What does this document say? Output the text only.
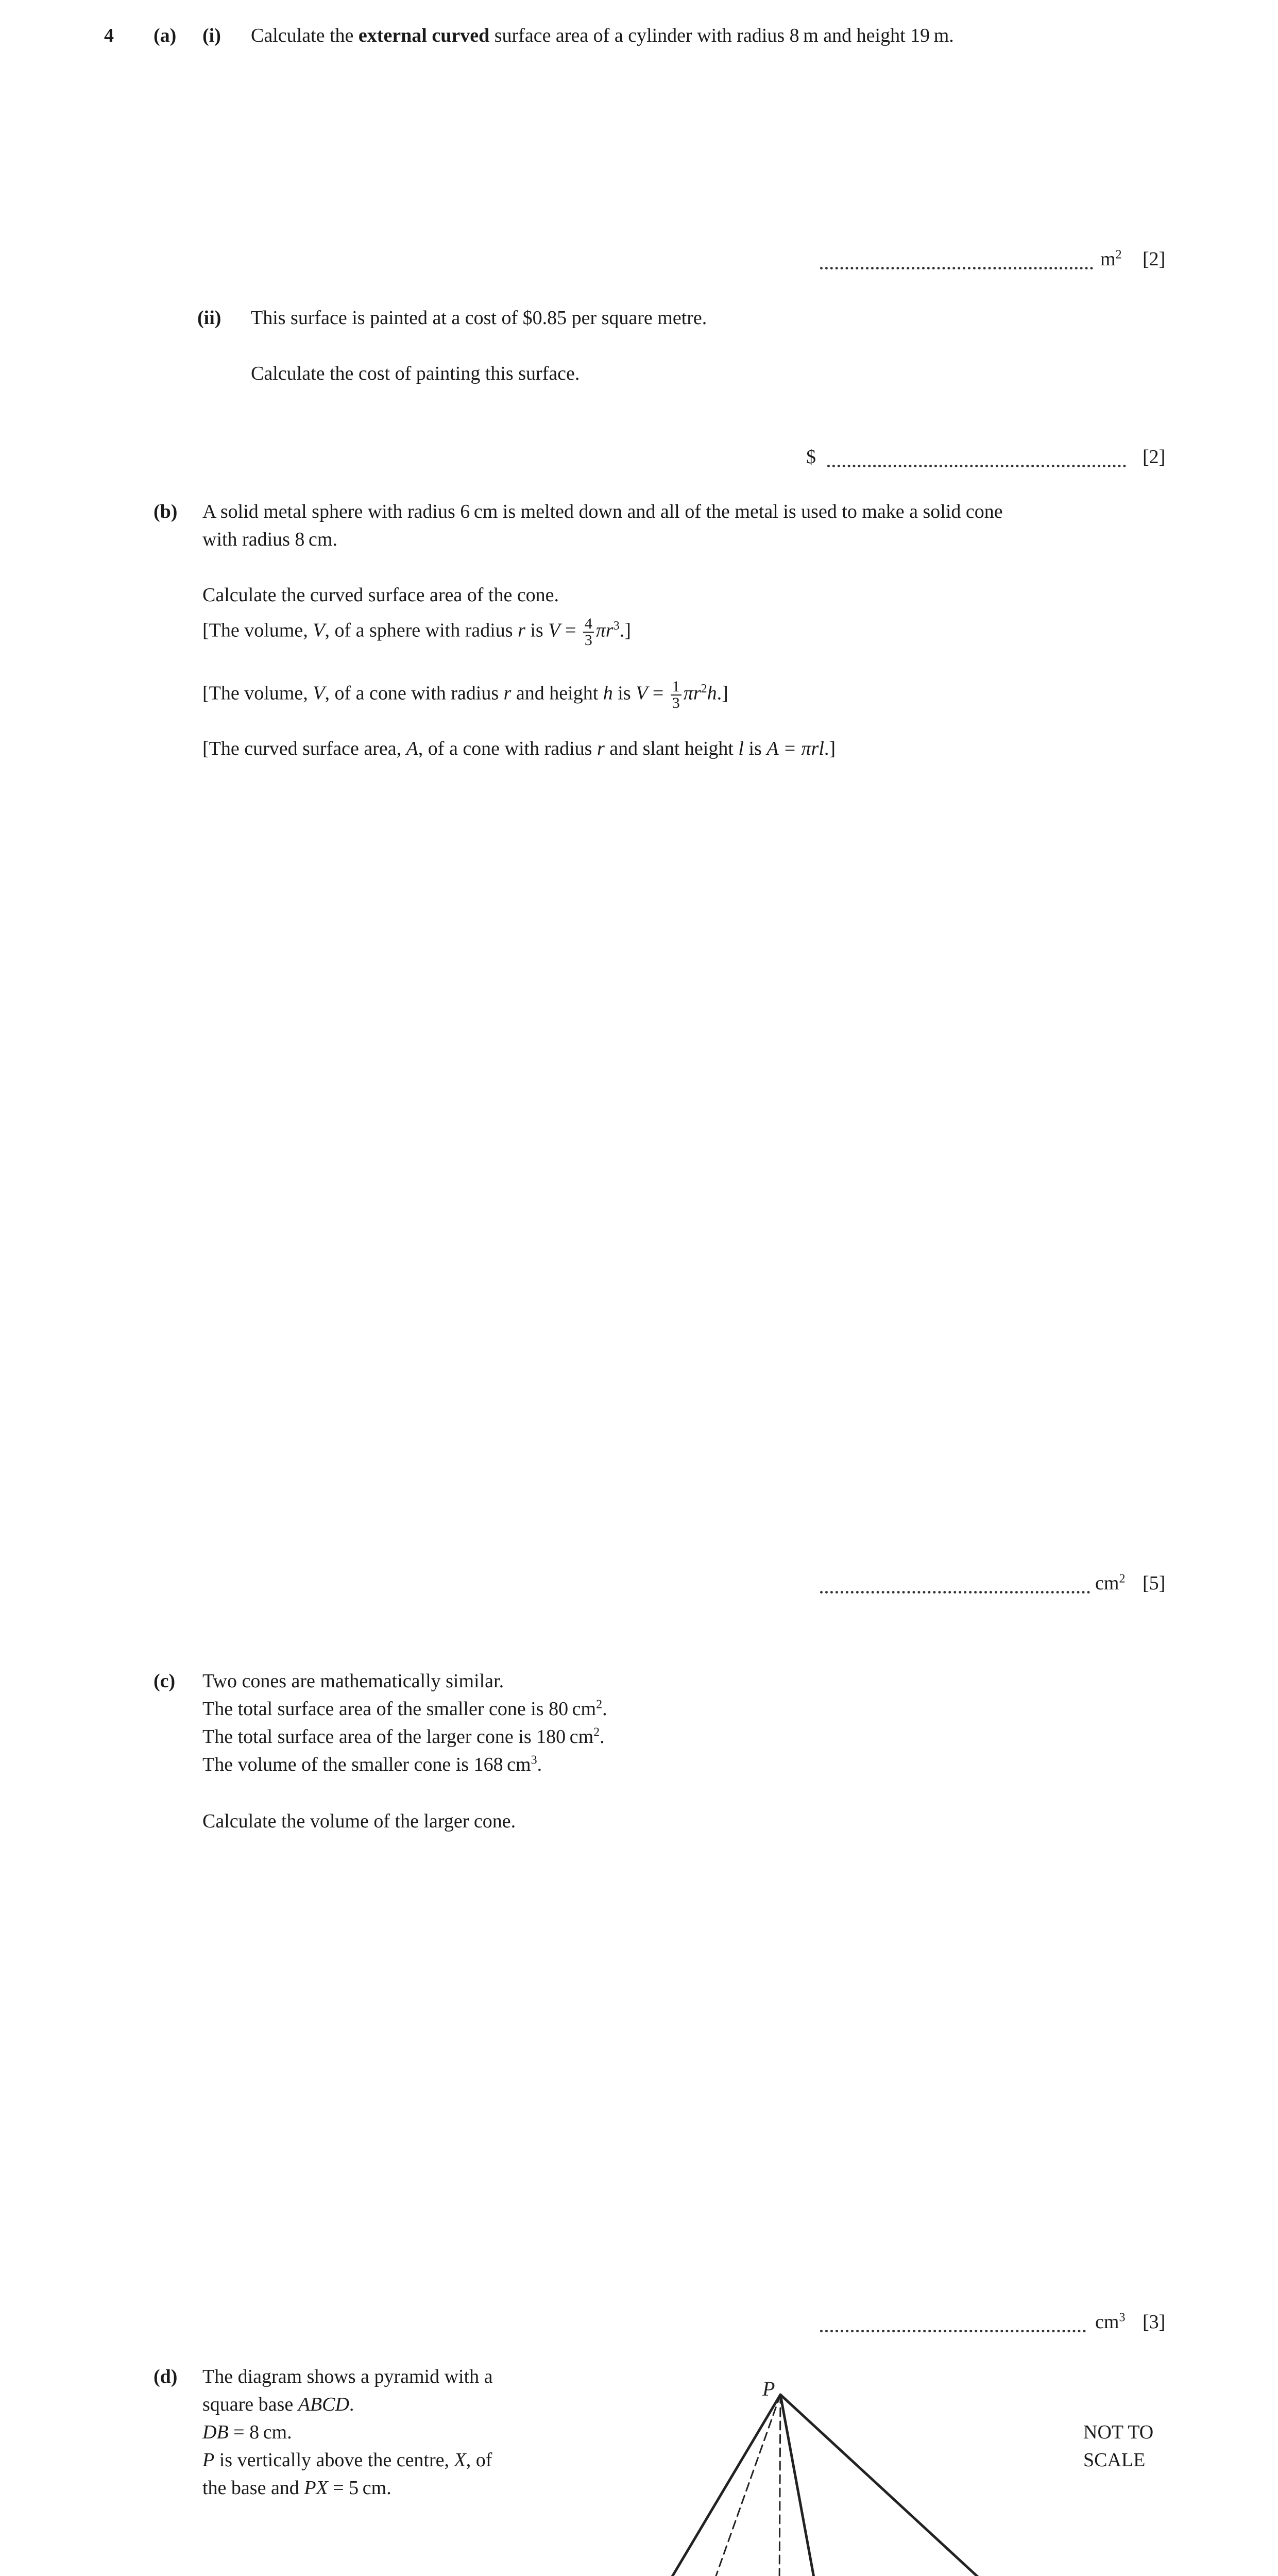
4 (a) (i) Calculate the external curved surface area of a cylinder with radius 8 m and height 19 m.
$m^2$ [2]
(ii) This surface is painted at a cost of $0.85 per square metre.
Calculate the cost of painting this surface.
$	[2]
(b) A solid metal sphere with radius 6 cm is melted down and all of the metal is used to make a solid cone
with radius 8 cm.
Calculate the curved surface area of the cone.
[The volume, V, of a sphere with radius r is $V = \frac{4}{3} \pi r^3$.]
[The volume, V, of a cone with radius r and height h is $V = \frac{1}{3} \pi r^2h$.]
[The curved surface area, A, of a cone with radius r and slant height l is A = πrl.]
$cm^2$ [5]
(c) Two cones are mathematically similar.
The total surface area of the smaller cone is 80 $cm^2$.
The total surface area of the larger cone is 180 $cm^2$.
The volume of the smaller cone is 168 $cm^3$.
Calculate the volume of the larger cone.
$cm^3$ [3]
(d) The diagram shows a pyramid with a
square base ABCD.
DB = 8 cm.
P is vertically above the centre, X, of
the base and PX = 5 cm.
NOT TO
SCALE
P
